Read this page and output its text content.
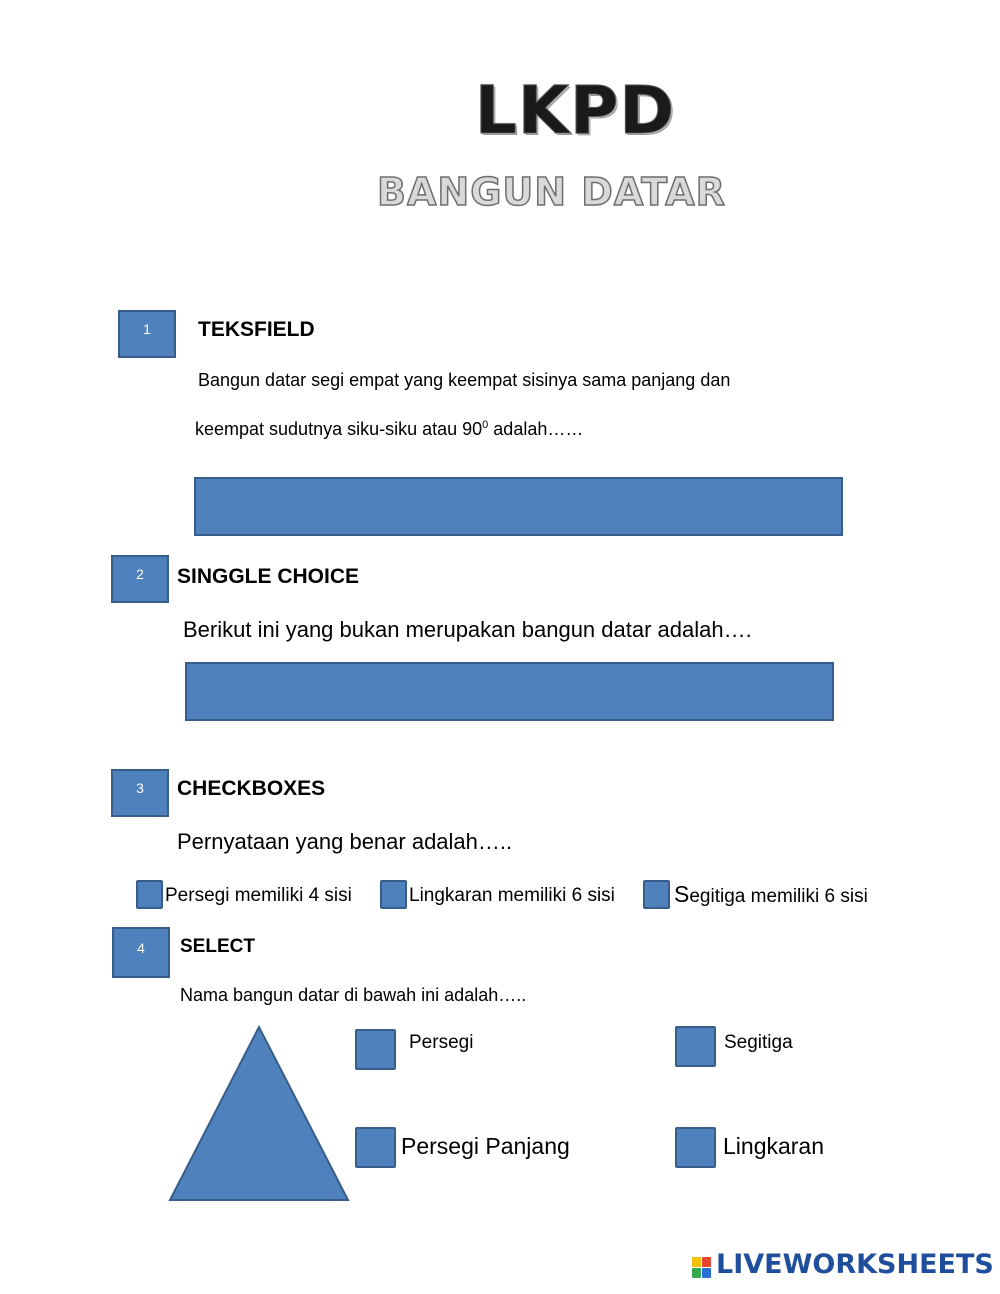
LKPD
BANGUN DATAR
1	TEKSFIELD
Bangun datar segi empat yang keempat sisinya sama panjang dan
keempat sudutnya siku-siku atau $90^0$ adalah……
2	SINGGLE CHOICE
Berikut ini yang bukan merupakan bangun datar adalah….
3	CHECKBOXES
Pernyataan yang benar adalah…..
Persegi memiliki 4 sisi	Lingkaran memiliki 6 sisi	Segitiga memiliki 6 sisi
4	SELECT
Nama bangun datar di bawah ini adalah…..
Persegi	Segitiga
Persegi Panjang	Lingkaran
LIVEWORKSHEETS
